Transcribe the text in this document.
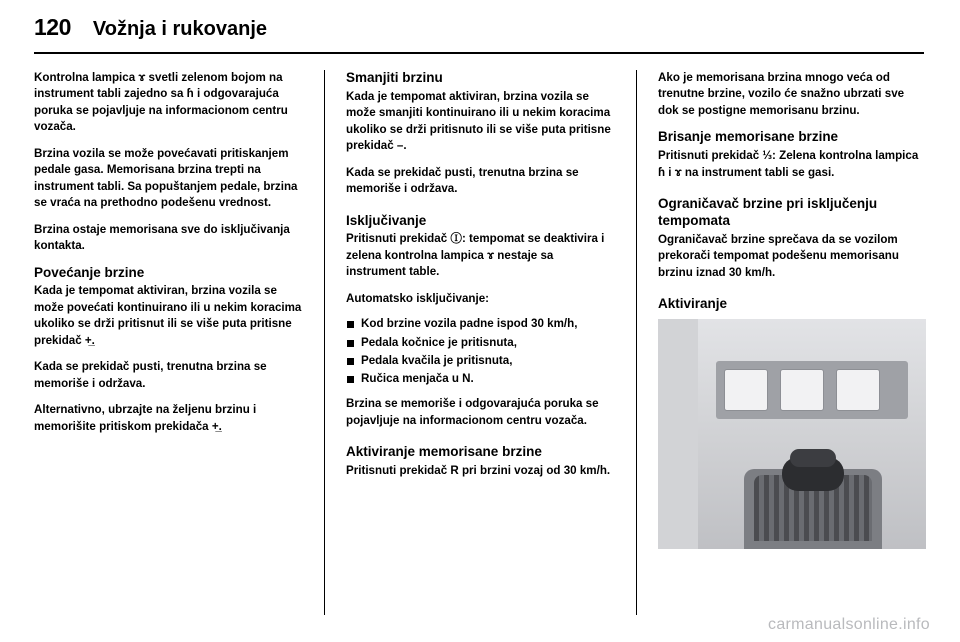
120 Vožnja i rukovanje

Kontrolna lampica ɤ svetli zelenom bojom na instrument tabli zajedno sa ɦ i odgovarajuća poruka se pojavljuje na informacionom centru vozača.

Brzina vozila se može povećavati pritiskanjem pedale gasa. Memorisana brzina trepti na instrument tabli. Sa popuštanjem pedale, brzina se vraća na prethodno podešenu vrednost.

Brzina ostaje memorisana sve do isključivanja kontakta.

Povećanje brzine

Kada je tempomat aktiviran, brzina vozila se može povećati kontinuirano ili u nekim koracima ukoliko se drži pritisnut ili se više puta pritisne prekidač +̲.

Kada se prekidač pusti, trenutna brzina se memoriše i održava.

Alternativno, ubrzajte na željenu brzinu i memorišite pritiskom prekidača +̲.

Smanjiti brzinu

Kada je tempomat aktiviran, brzina vozila se može smanjiti kontinuirano ili u nekim koracima ukoliko se drži pritisnuto ili se više puta pritisne prekidač –.

Kada se prekidač pusti, trenutna brzina se memoriše i održava.

Isključivanje

Pritisnuti prekidač Ⓘ: tempomat se deaktivira i zelena kontrolna lampica ɤ nestaje sa instrument table.

Automatsko isključivanje:

Kod brzine vozila padne ispod 30 km/h,
Pedala kočnice je pritisnuta,
Pedala kvačila je pritisnuta,
Ručica menjača u N.

Brzina se memoriše i odgovarajuća poruka se pojavljuje na informacionom centru vozača.

Aktiviranje memorisane brzine

Pritisnuti prekidač R pri brzini vozaj od 30 km/h.

Ako je memorisana brzina mnogo veća od trenutne brzine, vozilo će snažno ubrzati sve dok se postigne memorisanu brzinu.

Brisanje memorisane brzine

Pritisnuti prekidač ⅓: Zelena kontrolna lampica ɦ i ɤ na instrument tabli se gasi.

Ograničavač brzine pri isključenju tempomata

Ograničavač brzine sprečava da se vozilom prekorači tempomat podešenu memorisanu brzinu iznad 30 km/h.

Aktiviranje
carmanualsonline.info
